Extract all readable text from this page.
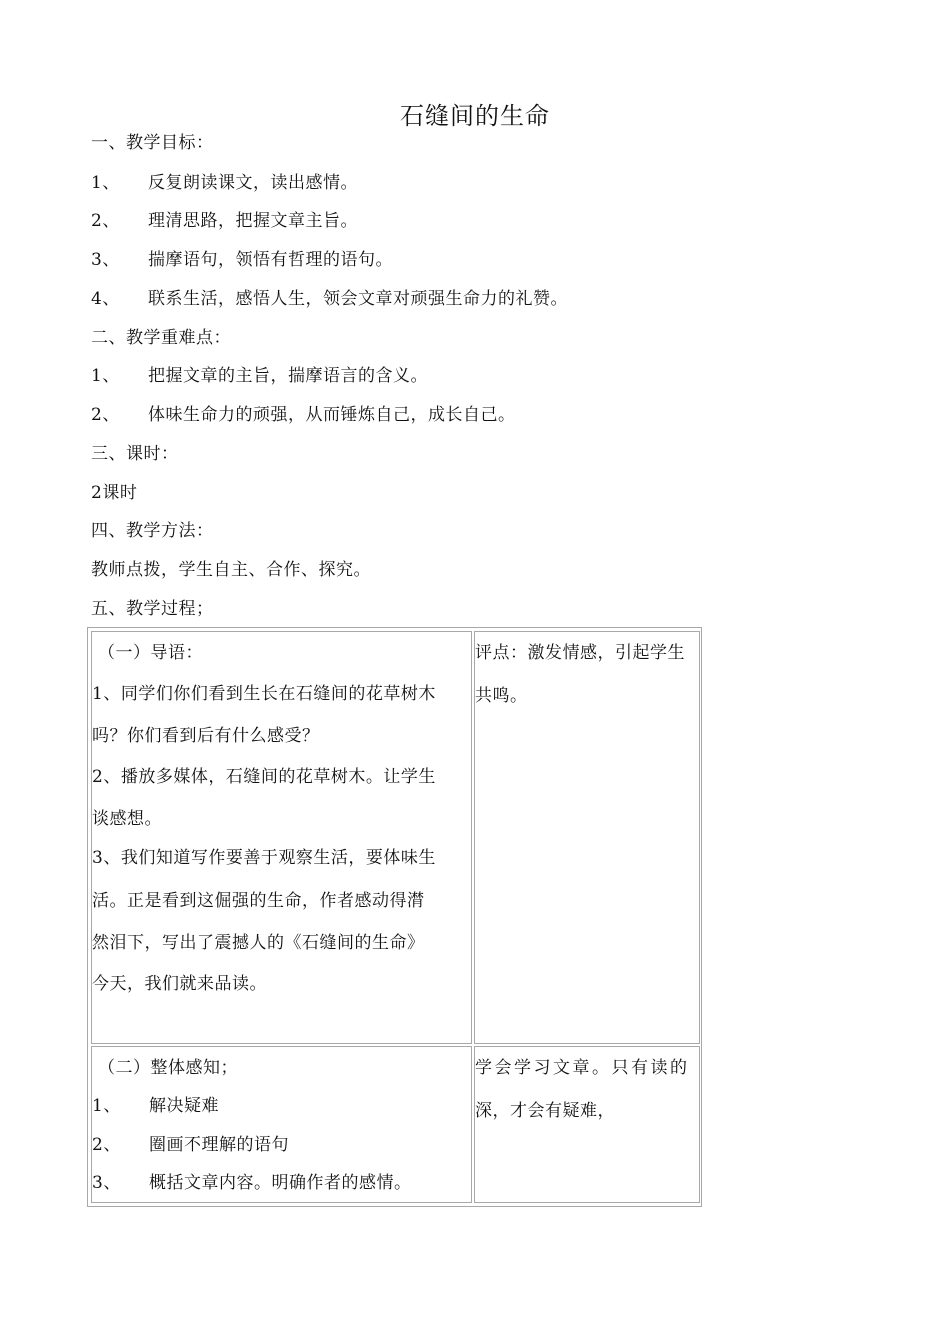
石缝间的生命
一、教学目标：
1、 反复朗读课文，读出感情。
2、 理清思路，把握文章主旨。
3、 揣摩语句，领悟有哲理的语句。
4、 联系生活，感悟人生，领会文章对顽强生命力的礼赞。
二、教学重难点：
1、 把握文章的主旨，揣摩语言的含义。
2、 体味生命力的顽强，从而锤炼自己，成长自己。
三、课时：
2课时
四、教学方法：
教师点拨，学生自主、合作、探究。
五、教学过程；
（一）导语：
1、同学们你们看到生长在石缝间的花草树木
吗？你们看到后有什么感受？
2、播放多媒体，石缝间的花草树木。让学生
谈感想。
3、我们知道写作要善于观察生活，要体味生
活。正是看到这倔强的生命，作者感动得潸
然泪下，写出了震撼人的《石缝间的生命》
今天，我们就来品读。
评点：激发情感，引起学生
共鸣。
（二）整体感知；
1、 解决疑难
2、 圈画不理解的语句
3、 概括文章内容。明确作者的感情。
学会学习文章。只有读的
深，才会有疑难，
